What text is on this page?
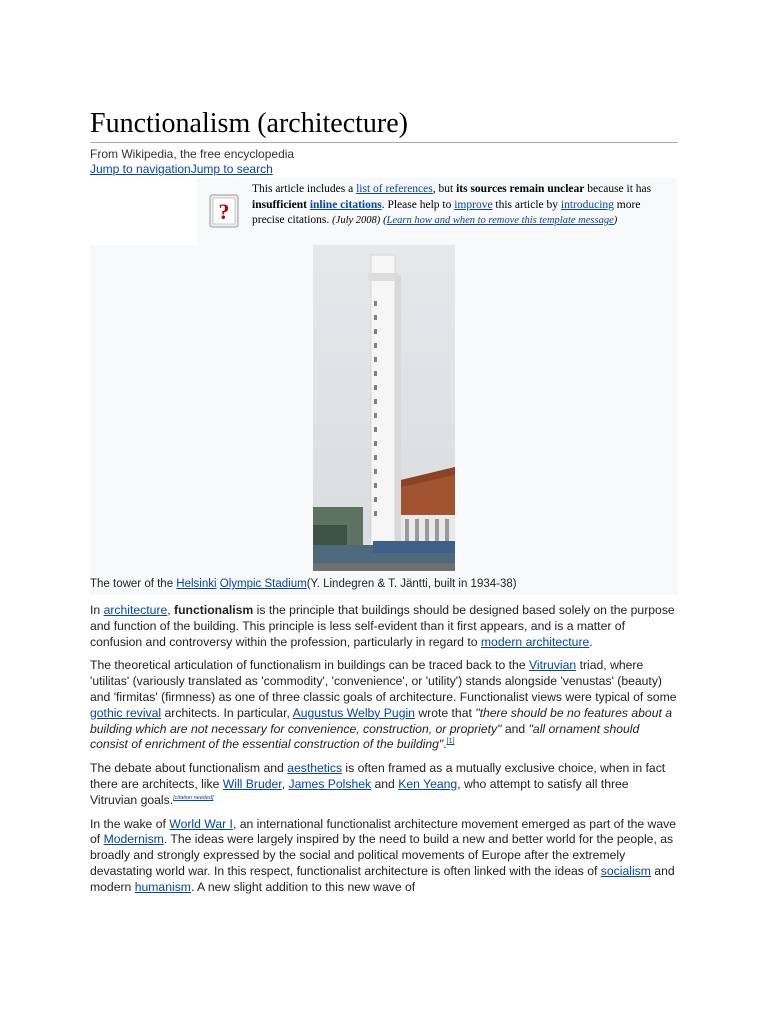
Functionalism (architecture)
From Wikipedia, the free encyclopedia
Jump to navigationJump to search
?
This article includes a list of references, but its sources remain unclear because it has insufficient inline citations. Please help to improve this article by introducing more precise citations. (July 2008) (Learn how and when to remove this template message)
The tower of the Helsinki Olympic Stadium(Y. Lindegren & T. Jäntti, built in 1934-38)

In architecture, functionalism is the principle that buildings should be designed based solely on the purpose and function of the building. This principle is less self-evident than it first appears, and is a matter of confusion and controversy within the profession, particularly in regard to modern architecture.

The theoretical articulation of functionalism in buildings can be traced back to the Vitruvian triad, where 'utilitas' (variously translated as 'commodity', 'convenience', or 'utility') stands alongside 'venustas' (beauty) and 'firmitas' (firmness) as one of three classic goals of architecture. Functionalist views were typical of some gothic revival architects. In particular, Augustus Welby Pugin wrote that "there should be no features about a building which are not necessary for convenience, construction, or propriety" and "all ornament should consist of enrichment of the essential construction of the building".[1]

The debate about functionalism and aesthetics is often framed as a mutually exclusive choice, when in fact there are architects, like Will Bruder, James Polshek and Ken Yeang, who attempt to satisfy all three Vitruvian goals.[citation needed]

In the wake of World War I, an international functionalist architecture movement emerged as part of the wave of Modernism. The ideas were largely inspired by the need to build a new and better world for the people, as broadly and strongly expressed by the social and political movements of Europe after the extremely devastating world war. In this respect, functionalist architecture is often linked with the ideas of socialism and modern humanism. A new slight addition to this new wave of
